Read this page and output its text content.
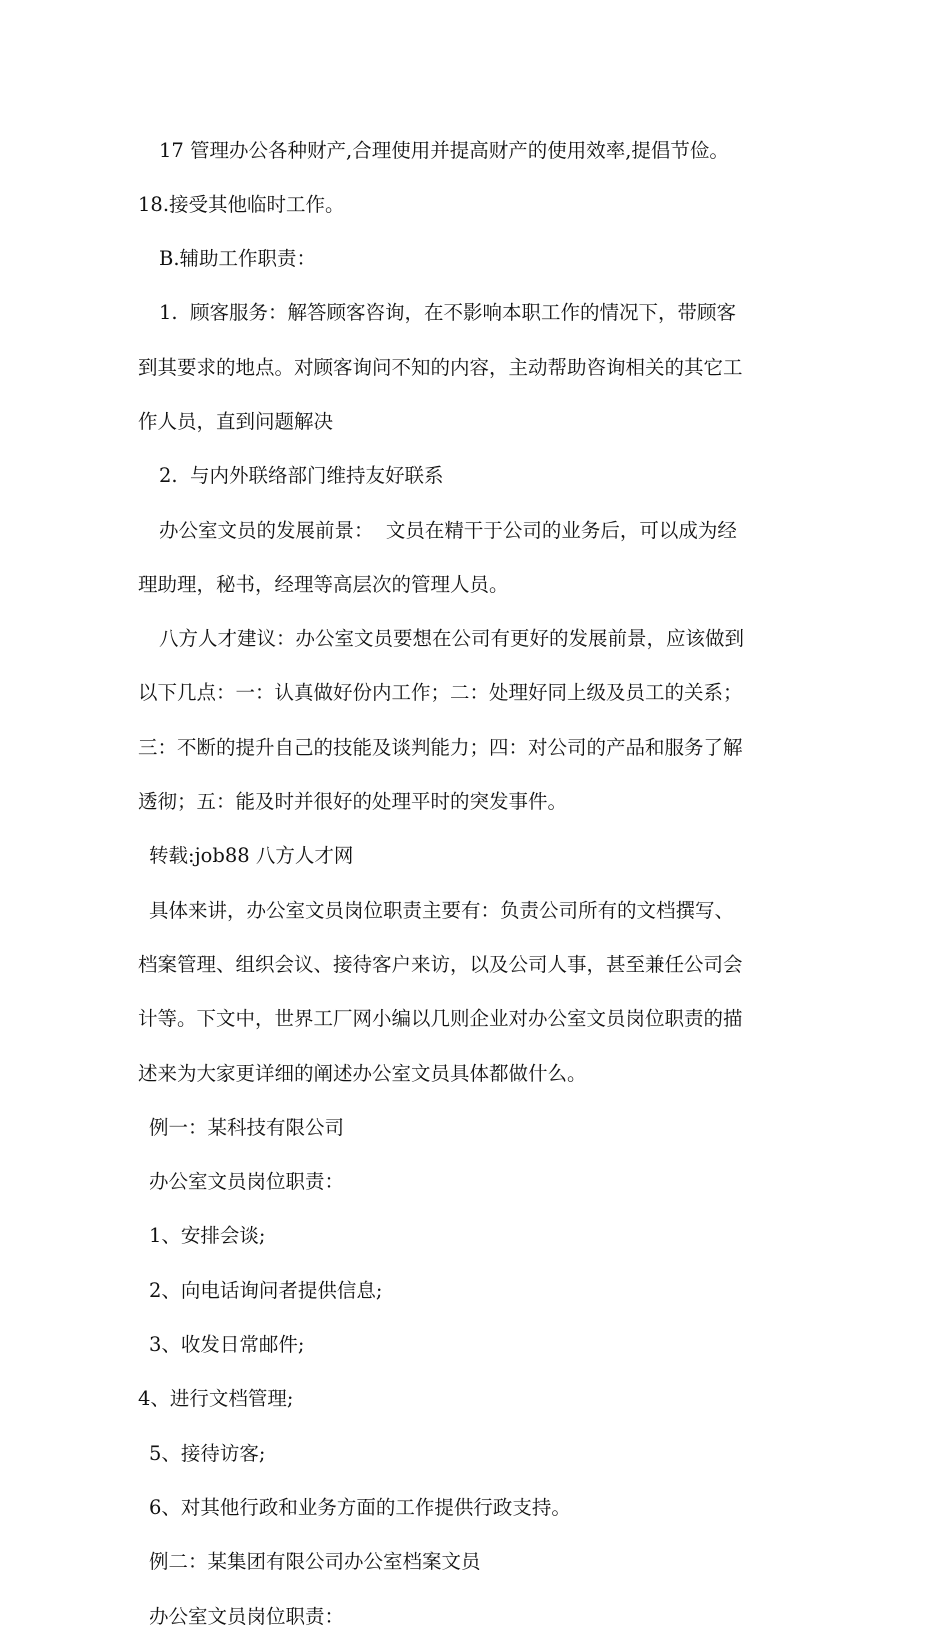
17 管理办公各种财产,合理使用并提高财产的使用效率,提倡节俭。

18.接受其他临时工作。

B.辅助工作职责：

1.  顾客服务：解答顾客咨询，在不影响本职工作的情况下，带顾客

到其要求的地点。对顾客询问不知的内容，主动帮助咨询相关的其它工

作人员，直到问题解决

2.  与内外联络部门维持友好联系

办公室文员的发展前景：  文员在精干于公司的业务后，可以成为经

理助理，秘书，经理等高层次的管理人员。

八方人才建议：办公室文员要想在公司有更好的发展前景，应该做到

以下几点：一：认真做好份内工作；二：处理好同上级及员工的关系；

三：不断的提升自己的技能及谈判能力；四：对公司的产品和服务了解

透彻；五：能及时并很好的处理平时的突发事件。

转载:job88 八方人才网

具体来讲，办公室文员岗位职责主要有：负责公司所有的文档撰写、

档案管理、组织会议、接待客户来访，以及公司人事，甚至兼任公司会

计等。下文中，世界工厂网小编以几则企业对办公室文员岗位职责的描

述来为大家更详细的阐述办公室文员具体都做什么。

例一：某科技有限公司

办公室文员岗位职责：

1、安排会谈;

2、向电话询问者提供信息;

3、收发日常邮件;

4、进行文档管理;

5、接待访客;

6、对其他行政和业务方面的工作提供行政支持。

例二：某集团有限公司办公室档案文员

办公室文员岗位职责：
